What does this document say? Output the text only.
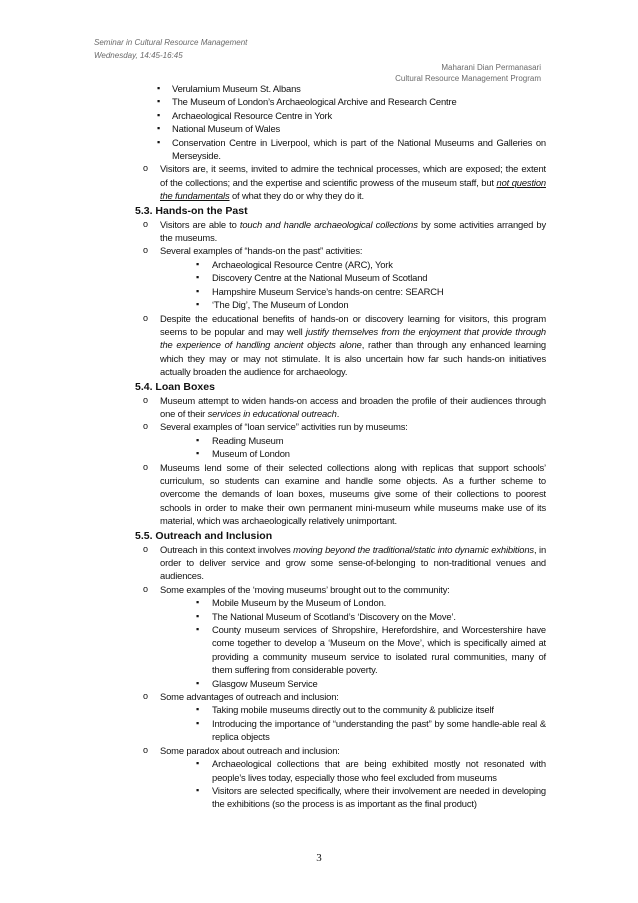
Seminar in Cultural Resource Management
Wednesday, 14:45-16:45
Maharani Dian Permanasari
Cultural Resource Management Program
▪ Verulamium Museum St. Albans
▪ The Museum of London’s Archaeological Archive and Research Centre
▪ Archaeological Resource Centre in York
▪ National Museum of Wales
▪ Conservation Centre in Liverpool, which is part of the National Museums and Galleries on Merseyside.
o Visitors are, it seems, invited to admire the technical processes, which are exposed; the extent of the collections; and the expertise and scientific prowess of the museum staff, but not question the fundamentals of what they do or why they do it.
5.3. Hands-on the Past
o Visitors are able to touch and handle archaeological collections by some activities arranged by the museums.
o Several examples of “hands-on the past” activities:
▪ Archaeological Resource Centre (ARC), York
▪ Discovery Centre at the National Museum of Scotland
▪ Hampshire Museum Service’s hands-on centre: SEARCH
▪ ‘The Dig’, The Museum of London
o Despite the educational benefits of hands-on or discovery learning for visitors, this program seems to be popular and may well justify themselves from the enjoyment that provide through the experience of handling ancient objects alone, rather than through any enhanced learning which they may or may not stimulate. It is also uncertain how far such hands-on initiatives actually broaden the audience for archaeology.
5.4. Loan Boxes
o Museum attempt to widen hands-on access and broaden the profile of their audiences through one of their services in educational outreach.
o Several examples of “loan service” activities run by museums:
▪ Reading Museum
▪ Museum of London
o Museums lend some of their selected collections along with replicas that support schools’ curriculum, so students can examine and handle some objects. As a further scheme to overcome the demands of loan boxes, museums give some of their collections to poorest schools in order to make their own permanent mini-museum while museums make use of its material, which was archaeologically relatively unimportant.
5.5. Outreach and Inclusion
o Outreach in this context involves moving beyond the traditional/static into dynamic exhibitions, in order to deliver service and grow some sense-of-belonging to non-traditional venues and audiences.
o Some examples of the ‘moving museums’ brought out to the community:
▪ Mobile Museum by the Museum of London.
▪ The National Museum of Scotland’s ‘Discovery on the Move’.
▪ County museum services of Shropshire, Herefordshire, and Worcestershire have come together to develop a ‘Museum on the Move’, which is specifically aimed at providing a community museum service to isolated rural communities, many of them suffering from considerable poverty.
▪ Glasgow Museum Service
o Some advantages of outreach and inclusion:
▪ Taking mobile museums directly out to the community & publicize itself
▪ Introducing the importance of “understanding the past” by some handle-able real & replica objects
o Some paradox about outreach and inclusion:
▪ Archaeological collections that are being exhibited mostly not resonated with people’s lives today, especially those who feel excluded from museums
▪ Visitors are selected specifically, where their involvement are needed in developing the exhibitions (so the process is as important as the final product)
3
